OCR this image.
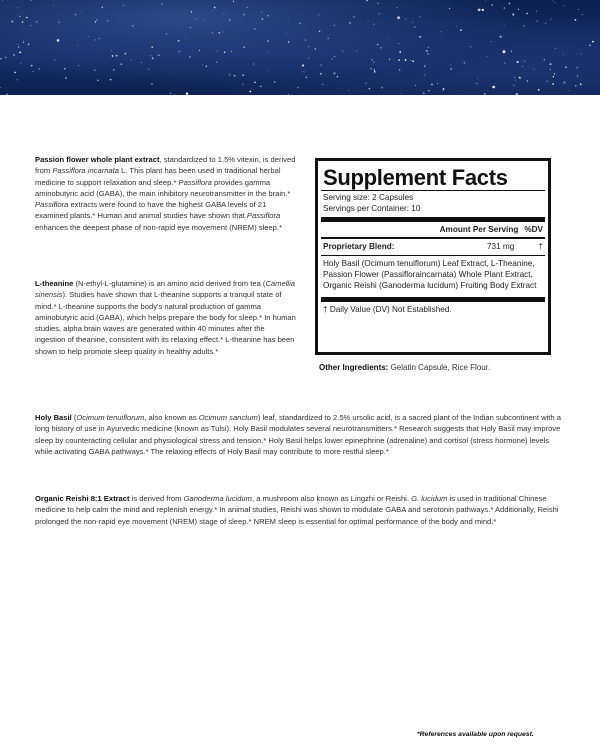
Passion flower whole plant extract, standardized to 1.5% vitexin, is derived from Passiflora incarnata L. This plant has been used in traditional herbal medicine to support relaxation and sleep.* Passiflora provides gamma aminobutyric acid (GABA), the main inhibitory neurotransmitter in the brain.* Passiflora extracts were found to have the highest GABA levels of 21 examined plants.* Human and animal studies have shown that Passiflora enhances the deepest phase of non-rapid eye movement (NREM) sleep.*

L-theanine (N-ethyl-L-glutamine) is an amino acid derived from tea (Camellia sinensis). Studies have shown that L-theanine supports a tranquil state of mind.* L-theanine supports the body's natural production of gamma aminobutyric acid (GABA), which helps prepare the body for sleep.* In human studies, alpha brain waves are generated within 40 minutes after the ingestion of theanine, consistent with its relaxing effect.* L-theanine has been shown to help promote sleep quality in healthy adults.*

Supplement Facts
Serving size: 2 Capsules
Servings per Container: 10
Amount Per Serving %DV
Proprietary Blend:	731 mg	†
Holy Basil (Ocimum tenuiflorum) Leaf Extract, L-Theanine, Passion Flower (Passifloraincarnata) Whole Plant Extract, Organic Reishi (Ganoderma lucidum) Fruiting Body Extract
† Daily Value (DV) Not Established.
Other Ingredients: Gelatin Capsule, Rice Flour.

Holy Basil (Ocimum tenuiflorum, also known as Ocimum sanctum) leaf, standardized to 2.5% ursolic acid, is a sacred plant of the Indian subcontinent with a long history of use in Ayurvedic medicine (known as Tulsi). Holy Basil modulates several neurotransmitters.* Research suggests that Holy Basil may improve sleep by counteracting cellular and physiological stress and tension.* Holy Basil helps lower epinephrine (adrenaline) and cortisol (stress hormone) levels while activating GABA pathways.* The relaxing effects of Holy Basil may contribute to more restful sleep.*

Organic Reishi 8:1 Extract is derived from Ganoderma lucidum, a mushroom also known as Lingzhi or Reishi. G. lucidum is used in traditional Chinese medicine to help calm the mind and replenish energy.* In animal studies, Reishi was shown to modulate GABA and serotonin pathways.* Additionally, Reishi prolonged the non-rapid eye movement (NREM) stage of sleep.* NREM sleep is essential for optimal performance of the body and mind.*

*References available upon request.
